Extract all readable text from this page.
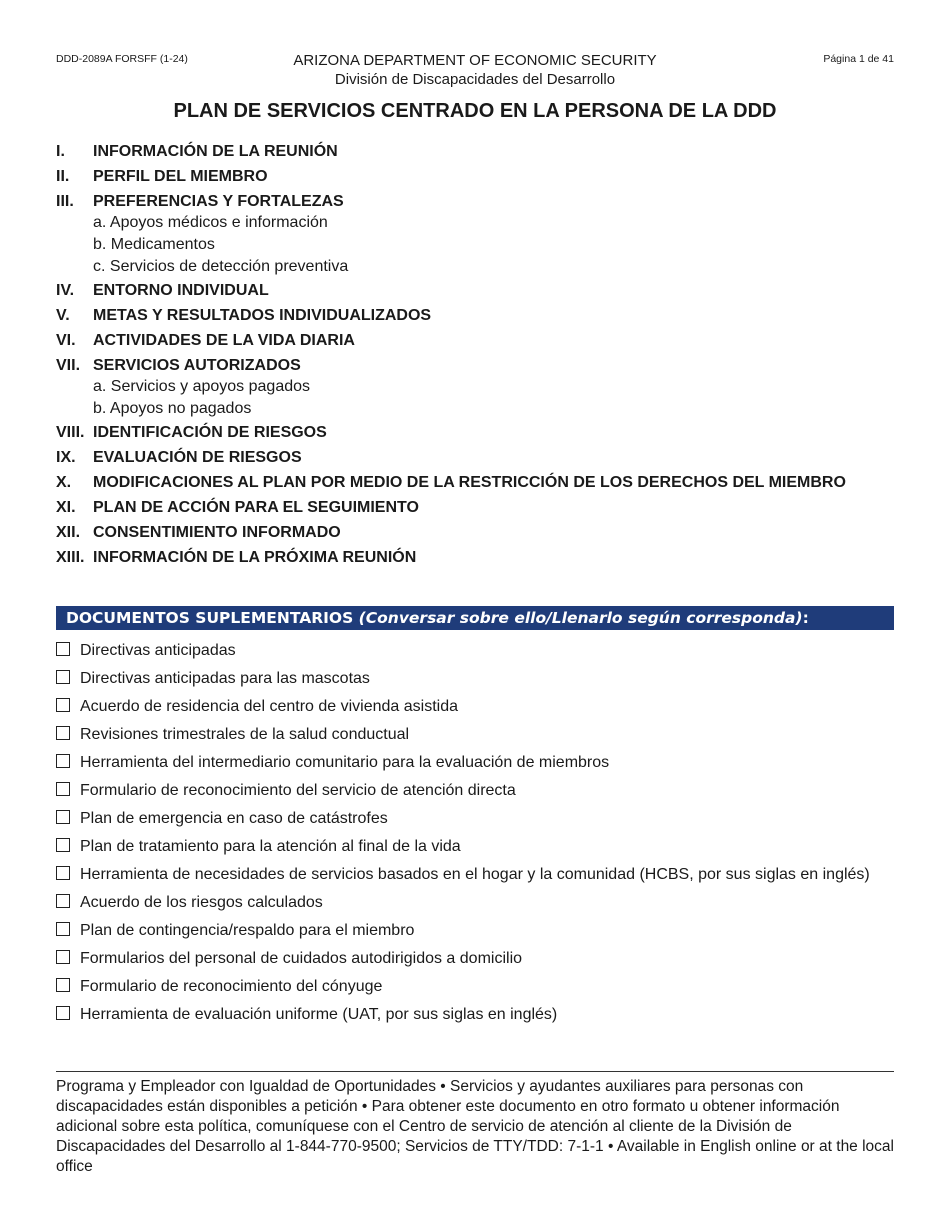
DDD-2089A FORSFF (1-24)	ARIZONA DEPARTMENT OF ECONOMIC SECURITY
División de Discapacidades del Desarrollo
Página 1 de 41
PLAN DE SERVICIOS CENTRADO EN LA PERSONA DE LA DDD
I.	INFORMACIÓN DE LA REUNIÓN
II.	PERFIL DEL MIEMBRO
III.	PREFERENCIAS Y FORTALEZAS
a. Apoyos médicos e información
b. Medicamentos
c. Servicios de detección preventiva
IV.	ENTORNO INDIVIDUAL
V.	METAS Y RESULTADOS INDIVIDUALIZADOS
VI.	ACTIVIDADES DE LA VIDA DIARIA
VII. SERVICIOS AUTORIZADOS
a. Servicios y apoyos pagados
b. Apoyos no pagados
VIII. IDENTIFICACIÓN DE RIESGOS
IX.	EVALUACIÓN DE RIESGOS
X.	MODIFICACIONES AL PLAN POR MEDIO DE LA RESTRICCIÓN DE LOS DERECHOS DEL MIEMBRO
XI.	PLAN DE ACCIÓN PARA EL SEGUIMIENTO
XII. CONSENTIMIENTO INFORMADO
XIII. INFORMACIÓN DE LA PRÓXIMA REUNIÓN
DOCUMENTOS SUPLEMENTARIOS (Conversar sobre ello/Llenarlo según corresponda):
Directivas anticipadas
Directivas anticipadas para las mascotas
Acuerdo de residencia del centro de vivienda asistida
Revisiones trimestrales de la salud conductual
Herramienta del intermediario comunitario para la evaluación de miembros
Formulario de reconocimiento del servicio de atención directa
Plan de emergencia en caso de catástrofes
Plan de tratamiento para la atención al final de la vida
Herramienta de necesidades de servicios basados en el hogar y la comunidad (HCBS, por sus siglas en inglés)
Acuerdo de los riesgos calculados
Plan de contingencia/respaldo para el miembro
Formularios del personal de cuidados autodirigidos a domicilio
Formulario de reconocimiento del cónyuge
Herramienta de evaluación uniforme (UAT, por sus siglas en inglés)
Programa y Empleador con Igualdad de Oportunidades • Servicios y ayudantes auxiliares para personas con discapacidades están disponibles a petición • Para obtener este documento en otro formato u obtener información adicional sobre esta política, comuníquese con el Centro de servicio de atención al cliente de la División de Discapacidades del Desarrollo al 1-844-770-9500; Servicios de TTY/TDD: 7-1-1 • Available in English online or at the local office
